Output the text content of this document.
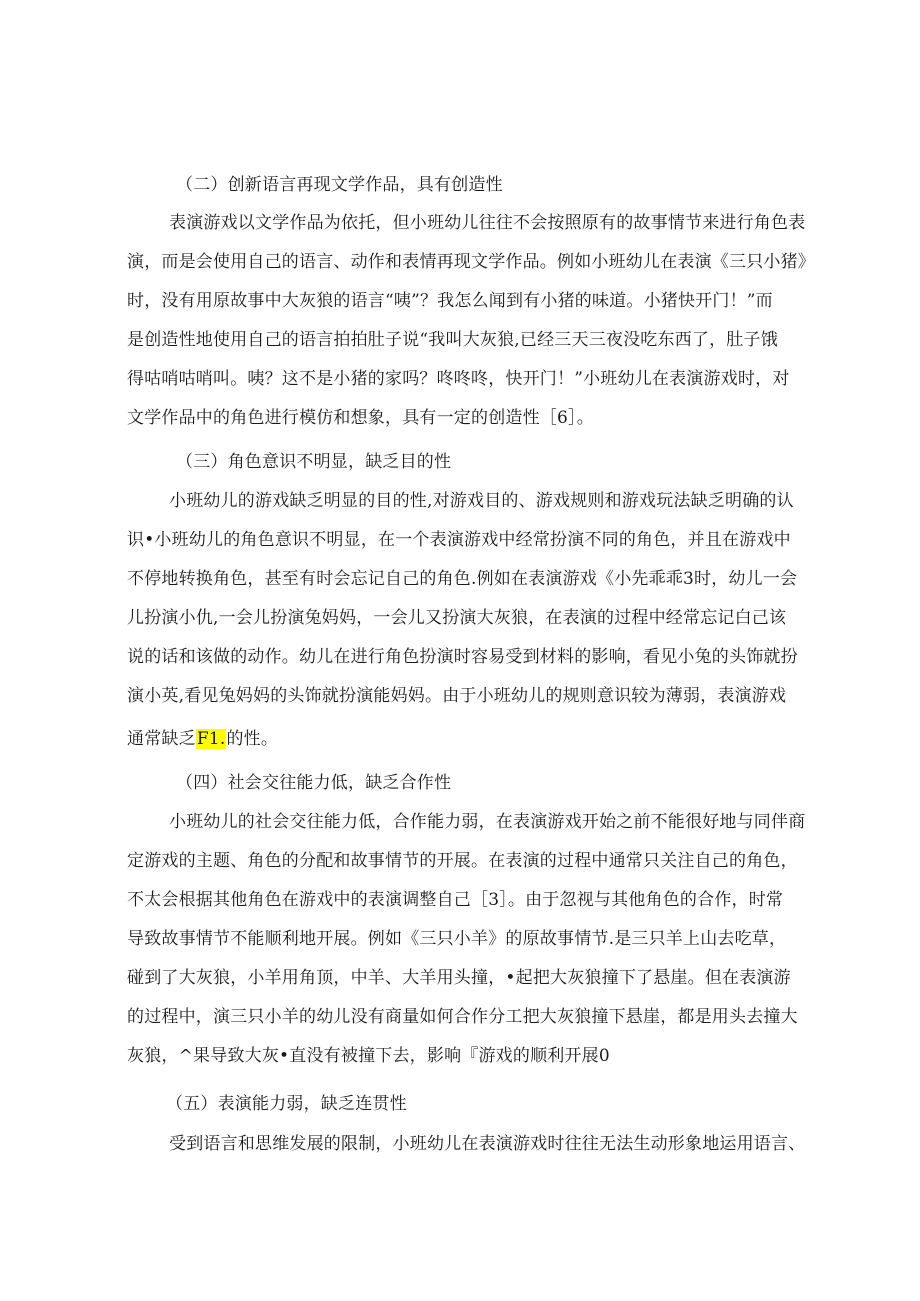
（二）创新语言再现文学作品，具有创造性
表演游戏以文学作品为依托，但小班幼儿往往不会按照原有的故事情节来进行角色表
演，而是会使用自己的语言、动作和表情再现文学作品。例如小班幼儿在表演《三只小猪》
时，没有用原故事中大灰狼的语言“咦”？我怎么闻到有小猪的味道。小猪快开门！”而
是创造性地使用自己的语言拍拍肚子说“我叫大灰狼,已经三天三夜没吃东西了，肚子饿
得咕哨咕哨叫。咦？这不是小猪的家吗？咚咚咚，快开门！”小班幼儿在表演游戏时，对
文学作品中的角色进行模仿和想象，具有一定的创造性［6］。
（三）角色意识不明显，缺乏目的性
小班幼儿的游戏缺乏明显的目的性,对游戏目的、游戏规则和游戏玩法缺乏明确的认
识•小班幼儿的角色意识不明显，在一个表演游戏中经常扮演不同的角色，并且在游戏中
不停地转换角色，甚至有时会忘记自己的角色.例如在表演游戏《小先乖乖3时，幼儿一会
儿扮演小仇,一会儿扮演兔妈妈，一会儿又扮演大灰狼，在表演的过程中经常忘记白己该
说的话和该做的动作。幼儿在进行角色扮演时容易受到材料的影响，看见小兔的头饰就扮
演小英,看见兔妈妈的头饰就扮演能妈妈。由于小班幼儿的规则意识较为薄弱，表演游戏
通常缺乏F1.的性。
（四）社会交往能力低，缺乏合作性
小班幼儿的社会交往能力低，合作能力弱，在表演游戏开始之前不能很好地与同伴商
定游戏的主题、角色的分配和故事情节的开展。在表演的过程中通常只关注自己的角色，
不太会根据其他角色在游戏中的表演调整自己［3］。由于忽视与其他角色的合作，时常
导致故事情节不能顺利地开展。例如《三只小羊》的原故事情节.是三只羊上山去吃草，
碰到了大灰狼，小羊用角顶，中羊、大羊用头撞，•起把大灰狼撞下了悬崖。但在表演游
的过程中，演三只小羊的幼儿没有商量如何合作分工把大灰狼撞下悬崖，都是用头去撞大
灰狼，^果导致大灰•直没有被撞下去，影响『游戏的顺利开展0
（五）表演能力弱，缺乏连贯性
受到语言和思维发展的限制，小班幼儿在表演游戏时往往无法生动形象地运用语言、
